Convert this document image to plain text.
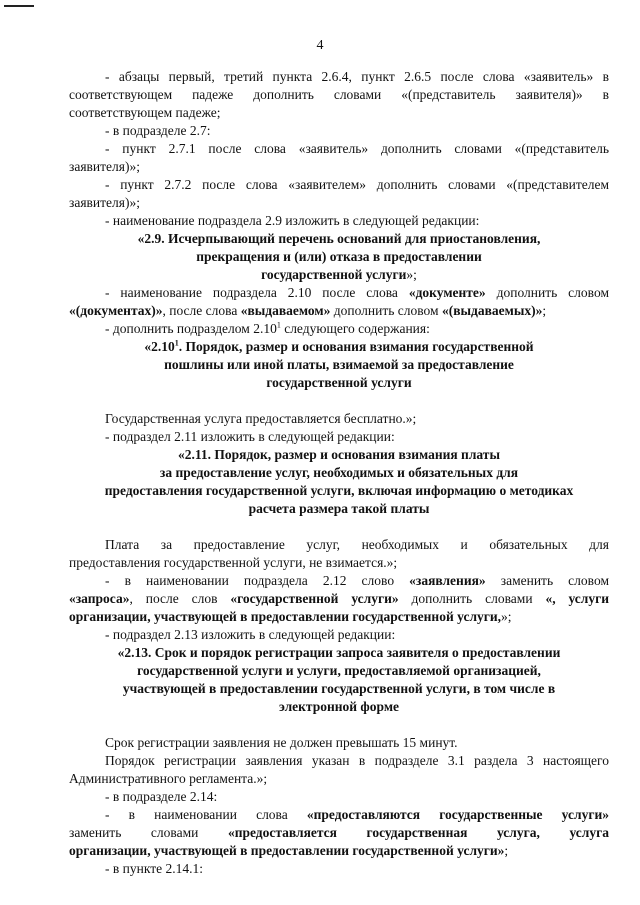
4

- абзацы первый, третий пункта 2.6.4, пункт 2.6.5 после слова «заявитель» в

соответствующем падеже дополнить словами «(представитель заявителя)» в

соответствующем падеже;

- в подразделе 2.7:

- пункт 2.7.1 после слова «заявитель» дополнить словами «(представитель

заявителя)»;

- пункт 2.7.2 после слова «заявителем» дополнить словами «(представителем

заявителя)»;

- наименование подраздела 2.9 изложить в следующей редакции:

«2.9. Исчерпывающий перечень оснований для приостановления,

прекращения и (или) отказа в предоставлении

государственной услуги»;

- наименование подраздела 2.10 после слова «документе» дополнить словом

«(документах)», после слова «выдаваемом» дополнить словом «(выдаваемых)»;

- дополнить подразделом 2.10$^1$ следующего содержания:

«2.10$^1$. Порядок, размер и основания взимания государственной

пошлины или иной платы, взимаемой за предоставление

государственной услуги

Государственная услуга предоставляется бесплатно.»;

- подраздел 2.11 изложить в следующей редакции:

«2.11. Порядок, размер и основания взимания платы

за предоставление услуг, необходимых и обязательных для

предоставления государственной услуги, включая информацию о методиках

расчета размера такой платы

Плата за предоставление услуг, необходимых и обязательных для

предоставления государственной услуги, не взимается.»;

- в наименовании подраздела 2.12 слово «заявления» заменить словом

«запроса», после слов «государственной услуги» дополнить словами «, услуги

организации, участвующей в предоставлении государственной услуги,»;

- подраздел 2.13 изложить в следующей редакции:

«2.13. Срок и порядок регистрации запроса заявителя о предоставлении

государственной услуги и услуги, предоставляемой организацией,

участвующей в предоставлении государственной услуги, в том числе в

электронной форме

Срок регистрации заявления не должен превышать 15 минут.

Порядок регистрации заявления указан в подразделе 3.1 раздела 3 настоящего

Административного регламента.»;

- в подразделе 2.14:

- в наименовании слова «предоставляются государственные услуги»

заменить словами «предоставляется государственная услуга, услуга

организации, участвующей в предоставлении государственной услуги»;

- в пункте 2.14.1:
